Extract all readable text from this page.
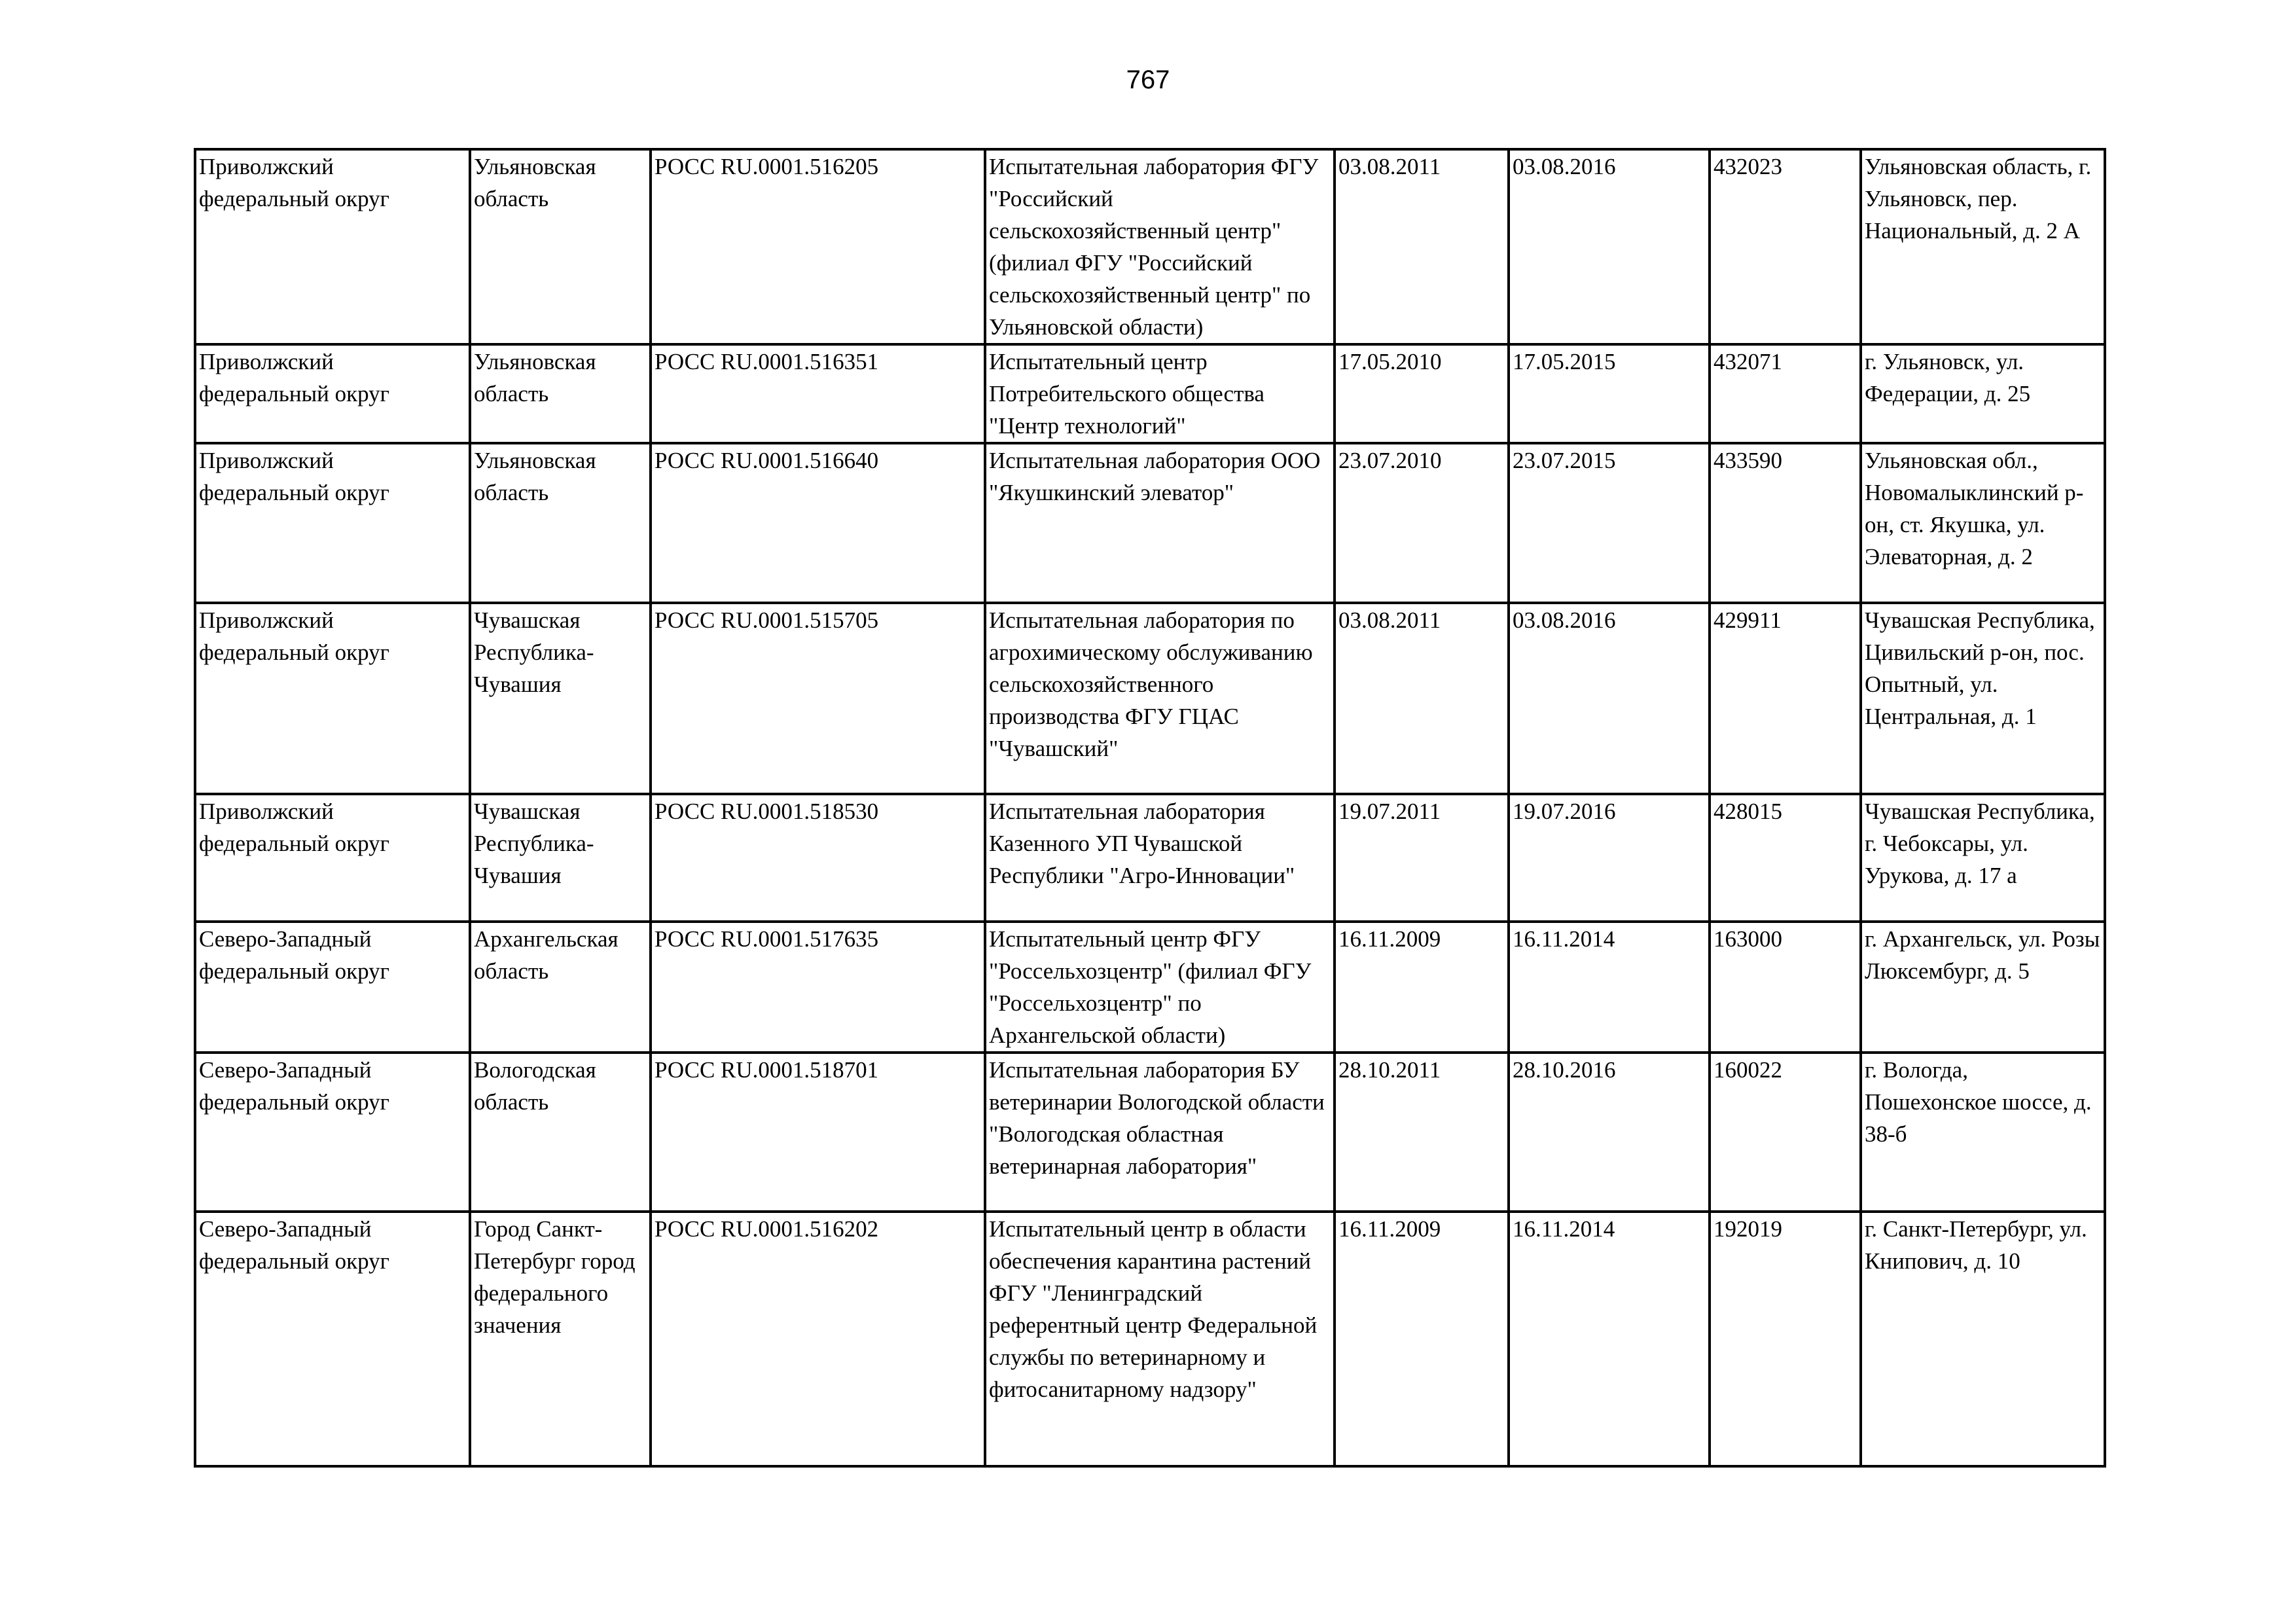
767
Приволжский федеральный округ	Ульяновская область	РОСС RU.0001.516205	Испытательная лаборатория ФГУ "Российский сельскохозяйственный центр" (филиал ФГУ "Российский сельскохозяйственный центр" по Ульяновской области)	03.08.2011	03.08.2016	432023	Ульяновская область, г. Ульяновск, пер. Национальный, д. 2 А
Приволжский федеральный округ	Ульяновская область	РОСС RU.0001.516351	Испытательный центр Потребительского общества "Центр технологий"	17.05.2010	17.05.2015	432071	г. Ульяновск, ул. Федерации, д. 25
Приволжский федеральный округ	Ульяновская область	РОСС RU.0001.516640	Испытательная лаборатория ООО "Якушкинский элеватор"	23.07.2010	23.07.2015	433590	Ульяновская обл., Новомалыклинский р-он, ст. Якушка, ул. Элеваторная, д. 2
Приволжский федеральный округ	Чувашская Республика-Чувашия	РОСС RU.0001.515705	Испытательная лаборатория по агрохимическому обслуживанию сельскохозяйственного производства ФГУ ГЦАС "Чувашский"	03.08.2011	03.08.2016	429911	Чувашская Республика, Цивильский р-он, пос. Опытный, ул. Центральная, д. 1
Приволжский федеральный округ	Чувашская Республика-Чувашия	РОСС RU.0001.518530	Испытательная лаборатория Казенного УП Чувашской Республики "Агро-Инновации"	19.07.2011	19.07.2016	428015	Чувашская Республика, г. Чебоксары, ул. Урукова, д. 17 а
Северо-Западный федеральный округ	Архангельская область	РОСС RU.0001.517635	Испытательный центр ФГУ "Россельхозцентр" (филиал ФГУ "Россельхозцентр" по Архангельской области)	16.11.2009	16.11.2014	163000	г. Архангельск, ул. Розы Люксембург, д. 5
Северо-Западный федеральный округ	Вологодская область	РОСС RU.0001.518701	Испытательная лаборатория БУ ветеринарии Вологодской области "Вологодская областная ветеринарная лаборатория"	28.10.2011	28.10.2016	160022	г. Вологда, Пошехонское шоссе, д. 38-б
Северо-Западный федеральный округ	Город Санкт-Петербург город федерального значения	РОСС RU.0001.516202	Испытательный центр в области обеспечения карантина растений ФГУ "Ленинградский референтный центр Федеральной службы по ветеринарному и фитосанитарному надзору"	16.11.2009	16.11.2014	192019	г. Санкт-Петербург, ул. Книпович, д. 10
